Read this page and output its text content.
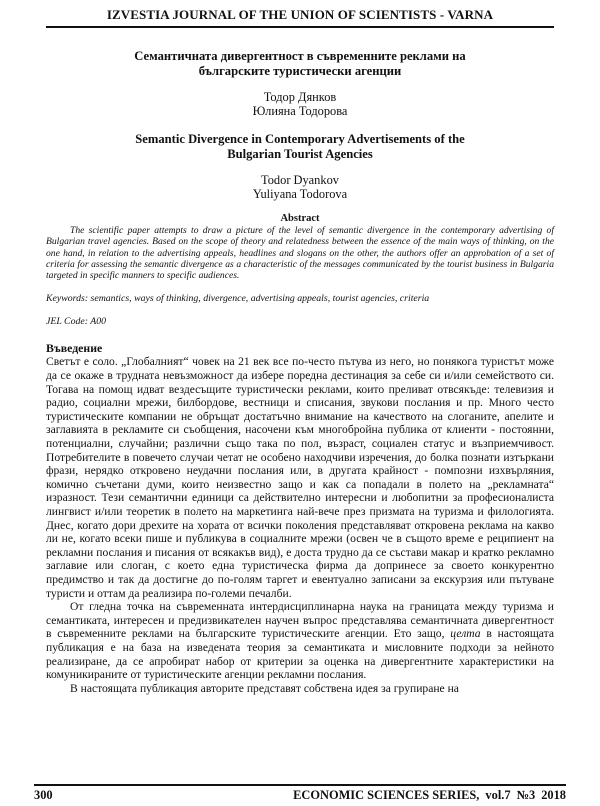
IZVESTIA JOURNAL OF THE UNION OF SCIENTISTS - VARNA
Семантичната дивергентност в съвременните реклами на
българските туристически агенции
Тодор Дянков
Юлияна Тодорова
Semantic Divergence in Contemporary Advertisements of the
Bulgarian Tourist Agencies
Todor Dyankov
Yuliyana Todorova
Abstract

The scientific paper attempts to draw a picture of the level of semantic divergence in the contemporary advertising of Bulgarian travel agencies. Based on the scope of theory and relatedness between the essence of the main ways of thinking, on the one hand, in relation to the advertising appeals, headlines and slogans on the other, the authors offer an approbation of a set of criteria for assessing the semantic divergence as a characteristic of the messages communicated by the tourist business in Bulgaria targeted in specific manners to specific audiences.

Keywords: semantics, ways of thinking, divergence, advertising appeals, tourist agencies, criteria
JEL Code: A00
Въведение

Светът е соло. „Глобалният“ човек на 21 век все по-често пътува из него, но понякога туристът може да се окаже в трудната невъзможност да избере поредна дестинация за себе си и/или семейството си. Тогава на помощ идват вездесъщите туристически реклами, които преливат отвсякъде: телевизия и радио, социални мрежи, билбордове, вестници и списания, звукови послания и пр. Много често туристическите компании не обръщат достатъчно внимание на качеството на слоганите, апелите и заглавията в рекламите си съобщения, насочени към многобройна публика от клиенти - постоянни, потенциални, случайни; различни също така по пол, възраст, социален статус и възприемчивост. Потребителите в повечето случаи четат не особено находчиви изречения, до болка познати изтъркани фрази, нерядко откровено неудачни послания или, в другата крайност - помпозни изхвърляния, комично съчетани думи, които неизвестно защо и как са попадали в полето на „рекламната“ изразност. Тези семантични единици са действително интересни и любопитни за професионалиста лингвист и/или теоретик в полето на маркетинга най-вече през призмата на туризма и филологията. Днес, когато дори дрехите на хората от всички поколения представляват откровена реклама на какво ли не, когато всеки пише и публикува в социалните мрежи (освен че в същото време е реципиент на рекламни послания и писания от всякакъв вид), е доста трудно да се състави макар и кратко рекламно заглавие или слоган, с което една туристическа фирма да допринесе за своето конкурентно предимство и так да достигне до по-голям таргет и евентуално записани за екскурзия или пътуване туристи и оттам да реализира по-големи печалби.

От гледна точка на съвременната интердисциплинарна наука на границата между туризма и семантиката, интересен и предизвикателен научен въпрос представлява семантичната дивергентност в съвременните реклами на българските туристическите агенции. Ето защо, целта в настоящата публикация е на база на изведената теория за семантиката и мисловните подходи за нейното реализиране, да се апробират набор от критерии за оценка на дивергентните характеристики на комуникираните от туристическите агенции рекламни послания.

В настоящата публикация авторите представят собствена идея за групиране на

300	ECONOMIC SCIENCES SERIES, vol.7 №3 2018
